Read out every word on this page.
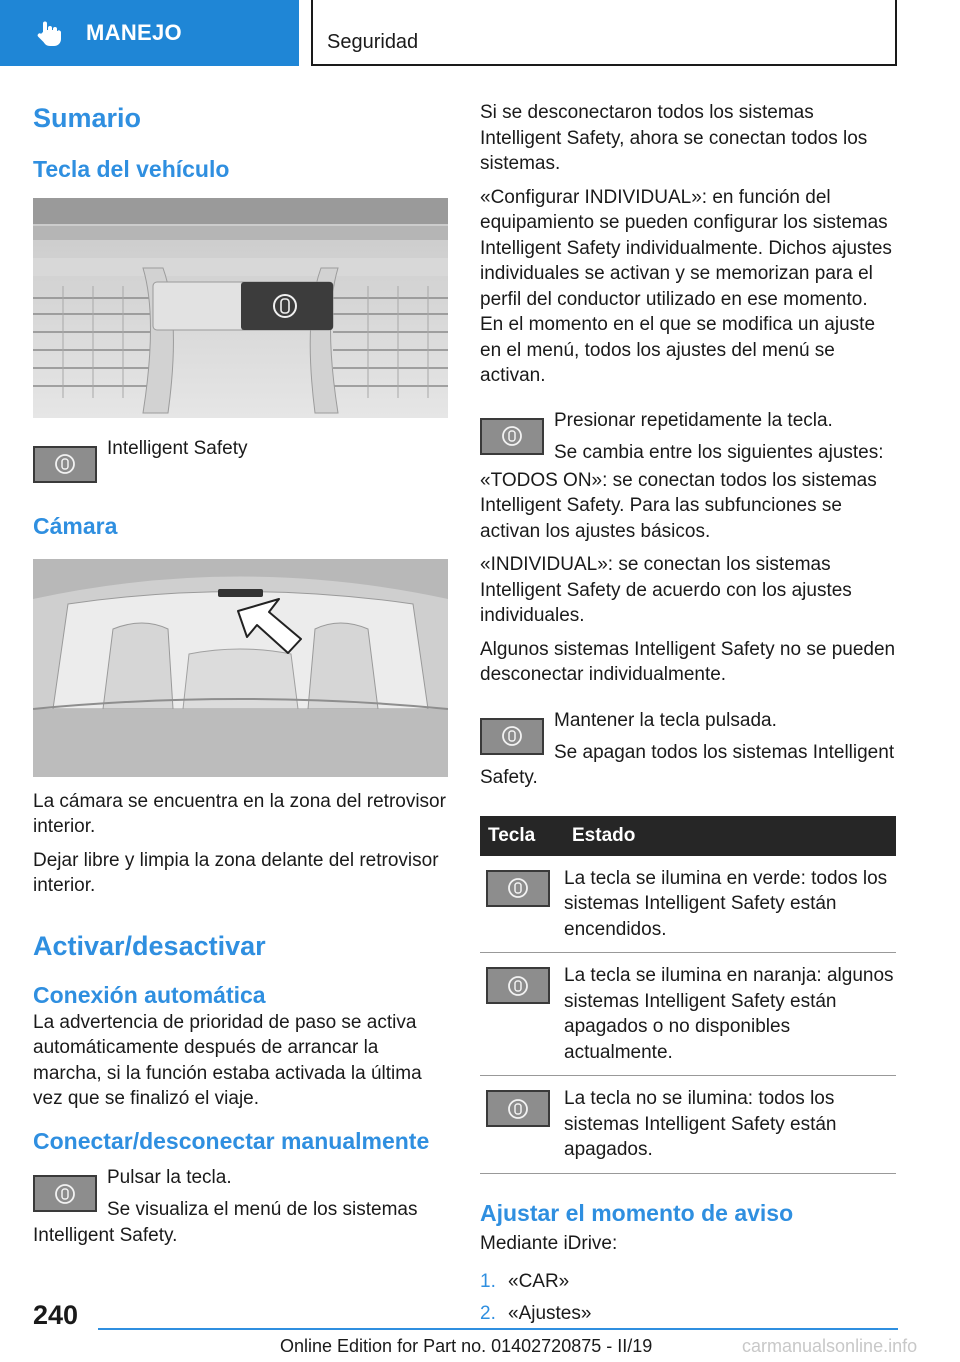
MANEJO	Seguridad
Sumario
Tecla del vehículo

Intelligent Safety

Cámara

La cámara se encuentra en la zona del retrovisor interior.

Dejar libre y limpia la zona delante del retrovisor interior.

Activar/desactivar
Conexión automática

La advertencia de prioridad de paso se activa automáticamente después de arrancar la marcha, si la función estaba activada la última vez que se finalizó el viaje.

Conectar/desconectar manualmente

Pulsar la tecla.

Se visualiza el menú de los sistemas Intelligent Safety.

Si se desconectaron todos los sistemas Intelligent Safety, ahora se conectan todos los sistemas.

«Configurar INDIVIDUAL»: en función del equipamiento se pueden configurar los sistemas Intelligent Safety individualmente. Dichos ajustes individuales se activan y se memorizan para el perfil del conductor utilizado en ese momento. En el momento en el que se modifica un ajuste en el menú, todos los ajustes del menú se activan.

Presionar repetidamente la tecla.

Se cambia entre los siguientes ajustes:

«TODOS ON»: se conectan todos los sistemas Intelligent Safety. Para las subfunciones se activan los ajustes básicos.

«INDIVIDUAL»: se conectan los sistemas Intelligent Safety de acuerdo con los ajustes individuales.

Algunos sistemas Intelligent Safety no se pueden desconectar individualmente.

Mantener la tecla pulsada.

Se apagan todos los sistemas Intelligent Safety.

Tecla	Estado

	La tecla se ilumina en verde: todos los sistemas Intelligent Safety están encendidos.

	La tecla se ilumina en naranja: algunos sistemas Intelligent Safety están apagados o no disponibles actualmente.

	La tecla no se ilumina: todos los sistemas Intelligent Safety están apagados.
Ajustar el momento de aviso

Mediante iDrive:

1. «CAR»
2. «Ajustes»
240
Online Edition for Part no. 01402720875 - II/19	carmanualsonline.info
